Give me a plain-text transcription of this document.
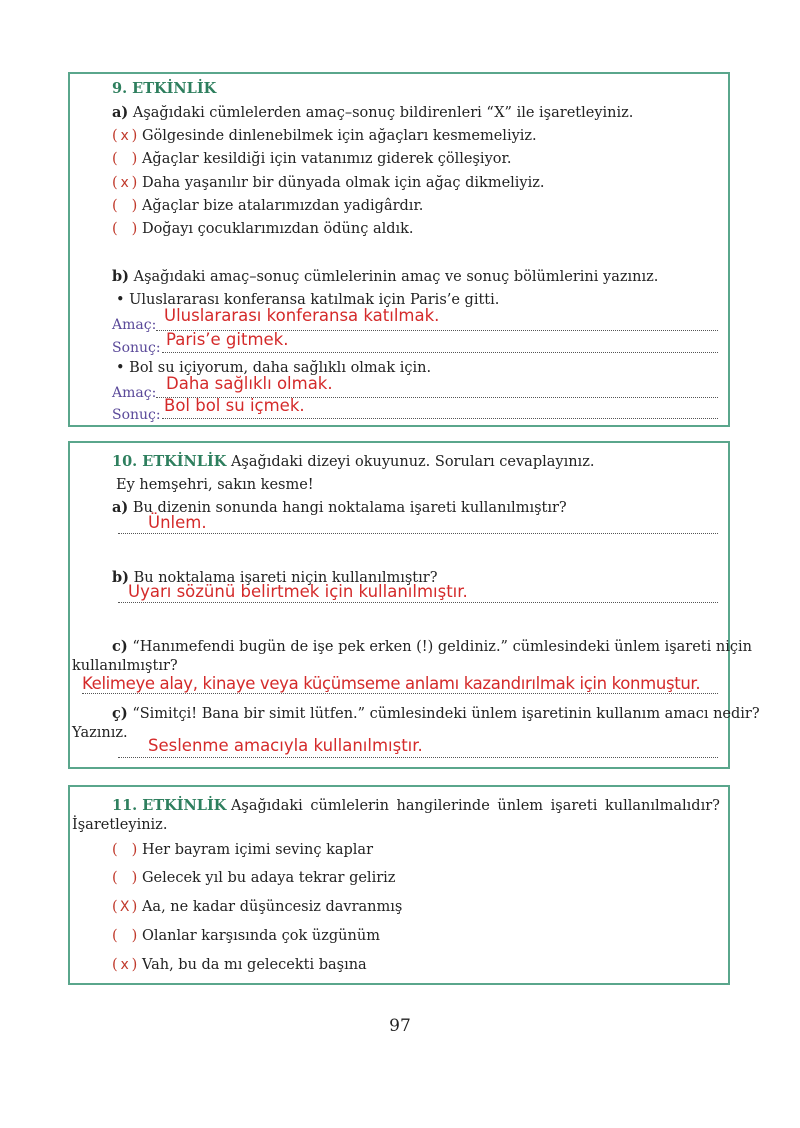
9. ETKİNLİK
a) Aşağıdaki cümlelerden amaç–sonuç bildirenleri “X” ile işaretleyiniz.
( x ) Gölgesinde dinlenebilmek için ağaçları kesmemeliyiz.
( ) Ağaçlar kesildiği için vatanımız giderek çölleşiyor.
( x ) Daha yaşanılır bir dünyada olmak için ağaç dikmeliyiz.
( ) Ağaçlar bize atalarımızdan yadigârdır.
( ) Doğayı çocuklarımızdan ödünç aldık.
b) Aşağıdaki amaç–sonuç cümlelerinin amaç ve sonuç bölümlerini yazınız.
• Uluslararası konferansa katılmak için Paris’e gitti.
Amaç: Uluslararası konferansa katılmak.
Sonuç: Paris’e gitmek.
• Bol su içiyorum, daha sağlıklı olmak için.
Amaç: Daha sağlıklı olmak.
Sonuç: Bol bol su içmek.
10. ETKİNLİK Aşağıdaki dizeyi okuyunuz. Soruları cevaplayınız.
Ey hemşehri, sakın kesme!
a) Bu dizenin sonunda hangi noktalama işareti kullanılmıştır?
Ünlem.
b) Bu noktalama işareti niçin kullanılmıştır?
Uyarı sözünü belirtmek için kullanılmıştır.
c) “Hanımefendi bugün de işe pek erken (!) geldiniz.” cümlesindeki ünlem işareti niçin
kullanılmıştır?
Kelimeye alay, kinaye veya küçümseme anlamı kazandırılmak için konmuştur.
ç) “Simitçi! Bana bir simit lütfen.” cümlesindeki ünlem işaretinin kullanım amacı nedir?
Yazınız.
Seslenme amacıyla kullanılmıştır.
11. ETKİNLİK Aşağıdaki cümlelerin hangilerinde ünlem işareti kullanılmalıdır?
İşaretleyiniz.
( ) Her bayram içimi sevinç kaplar
( ) Gelecek yıl bu adaya tekrar geliriz
( X ) Aa, ne kadar düşüncesiz davranmış
( ) Olanlar karşısında çok üzgünüm
( x ) Vah, bu da mı gelecekti başına
97
